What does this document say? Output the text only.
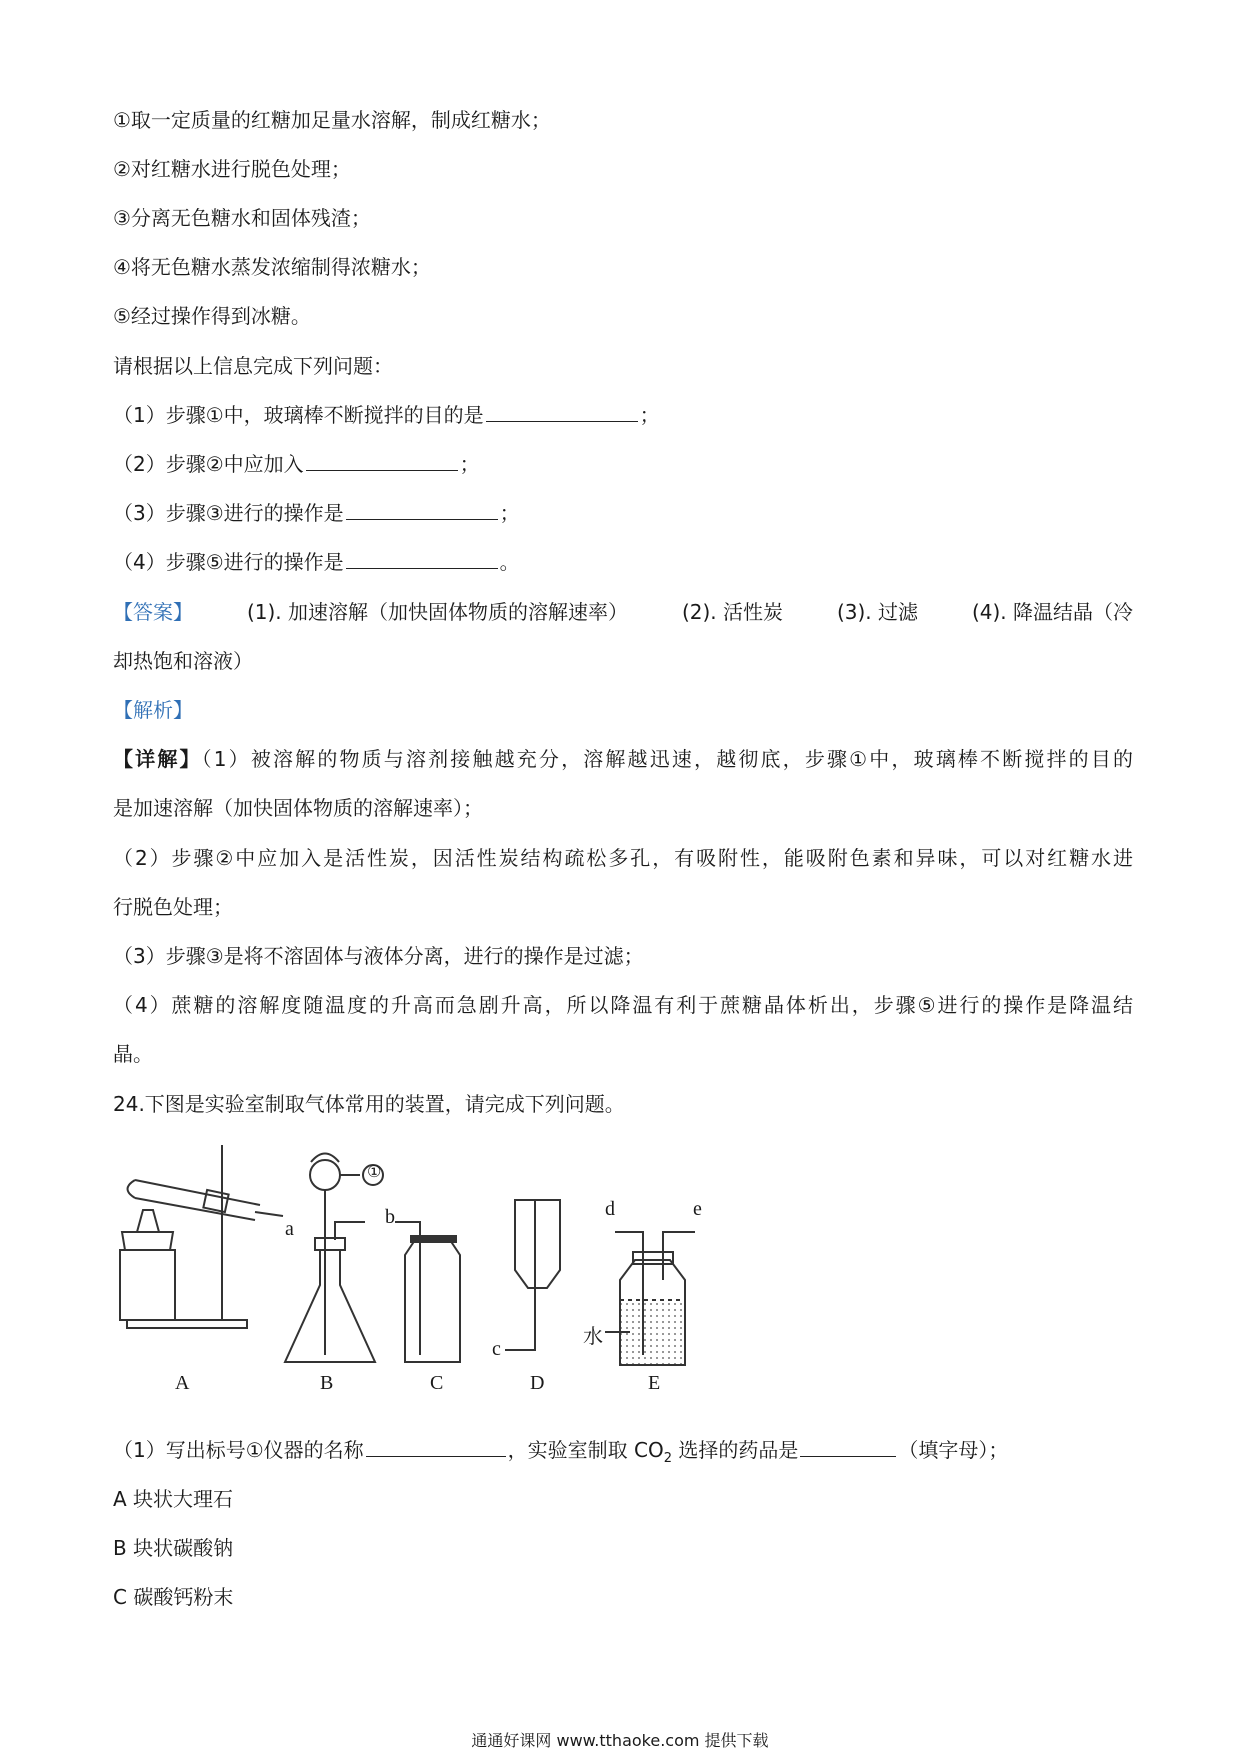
①取一定质量的红糖加足量水溶解，制成红糖水；
②对红糖水进行脱色处理；
③分离无色糖水和固体残渣；
④将无色糖水蒸发浓缩制得浓糖水；
⑤经过操作得到冰糖。
请根据以上信息完成下列问题：
（1）步骤①中，玻璃棒不断搅拌的目的是	；
（2）步骤②中应加入	；
（3）步骤③进行的操作是	；
（4）步骤⑤进行的操作是	。
【答案】	(1). 加速溶解（加快固体物质的溶解速率）	(2). 活性炭	(3). 过滤	(4). 降温结晶（冷
却热饱和溶液）
【解析】
【详解】（1）被溶解的物质与溶剂接触越充分，溶解越迅速，越彻底，步骤①中，玻璃棒不断搅拌的目的
是加速溶解（加快固体物质的溶解速率）；
（2）步骤②中应加入是活性炭，因活性炭结构疏松多孔，有吸附性，能吸附色素和异味，可以对红糖水进
行脱色处理；
（3）步骤③是将不溶固体与液体分离，进行的操作是过滤；
（4）蔗糖的溶解度随温度的升高而急剧升高，所以降温有利于蔗糖晶体析出，步骤⑤进行的操作是降温结
晶。
24.下图是实验室制取气体常用的装置，请完成下列问题。
a
①
b
c
d	e
水
A	B	C	D	E
（1）写出标号①仪器的名称	，实验室制取 $CO_2$ 选择的药品是	（填字母）；
A 块状大理石
B 块状碳酸钠
C 碳酸钙粉末
通通好课网 www.tthaoke.com 提供下载
